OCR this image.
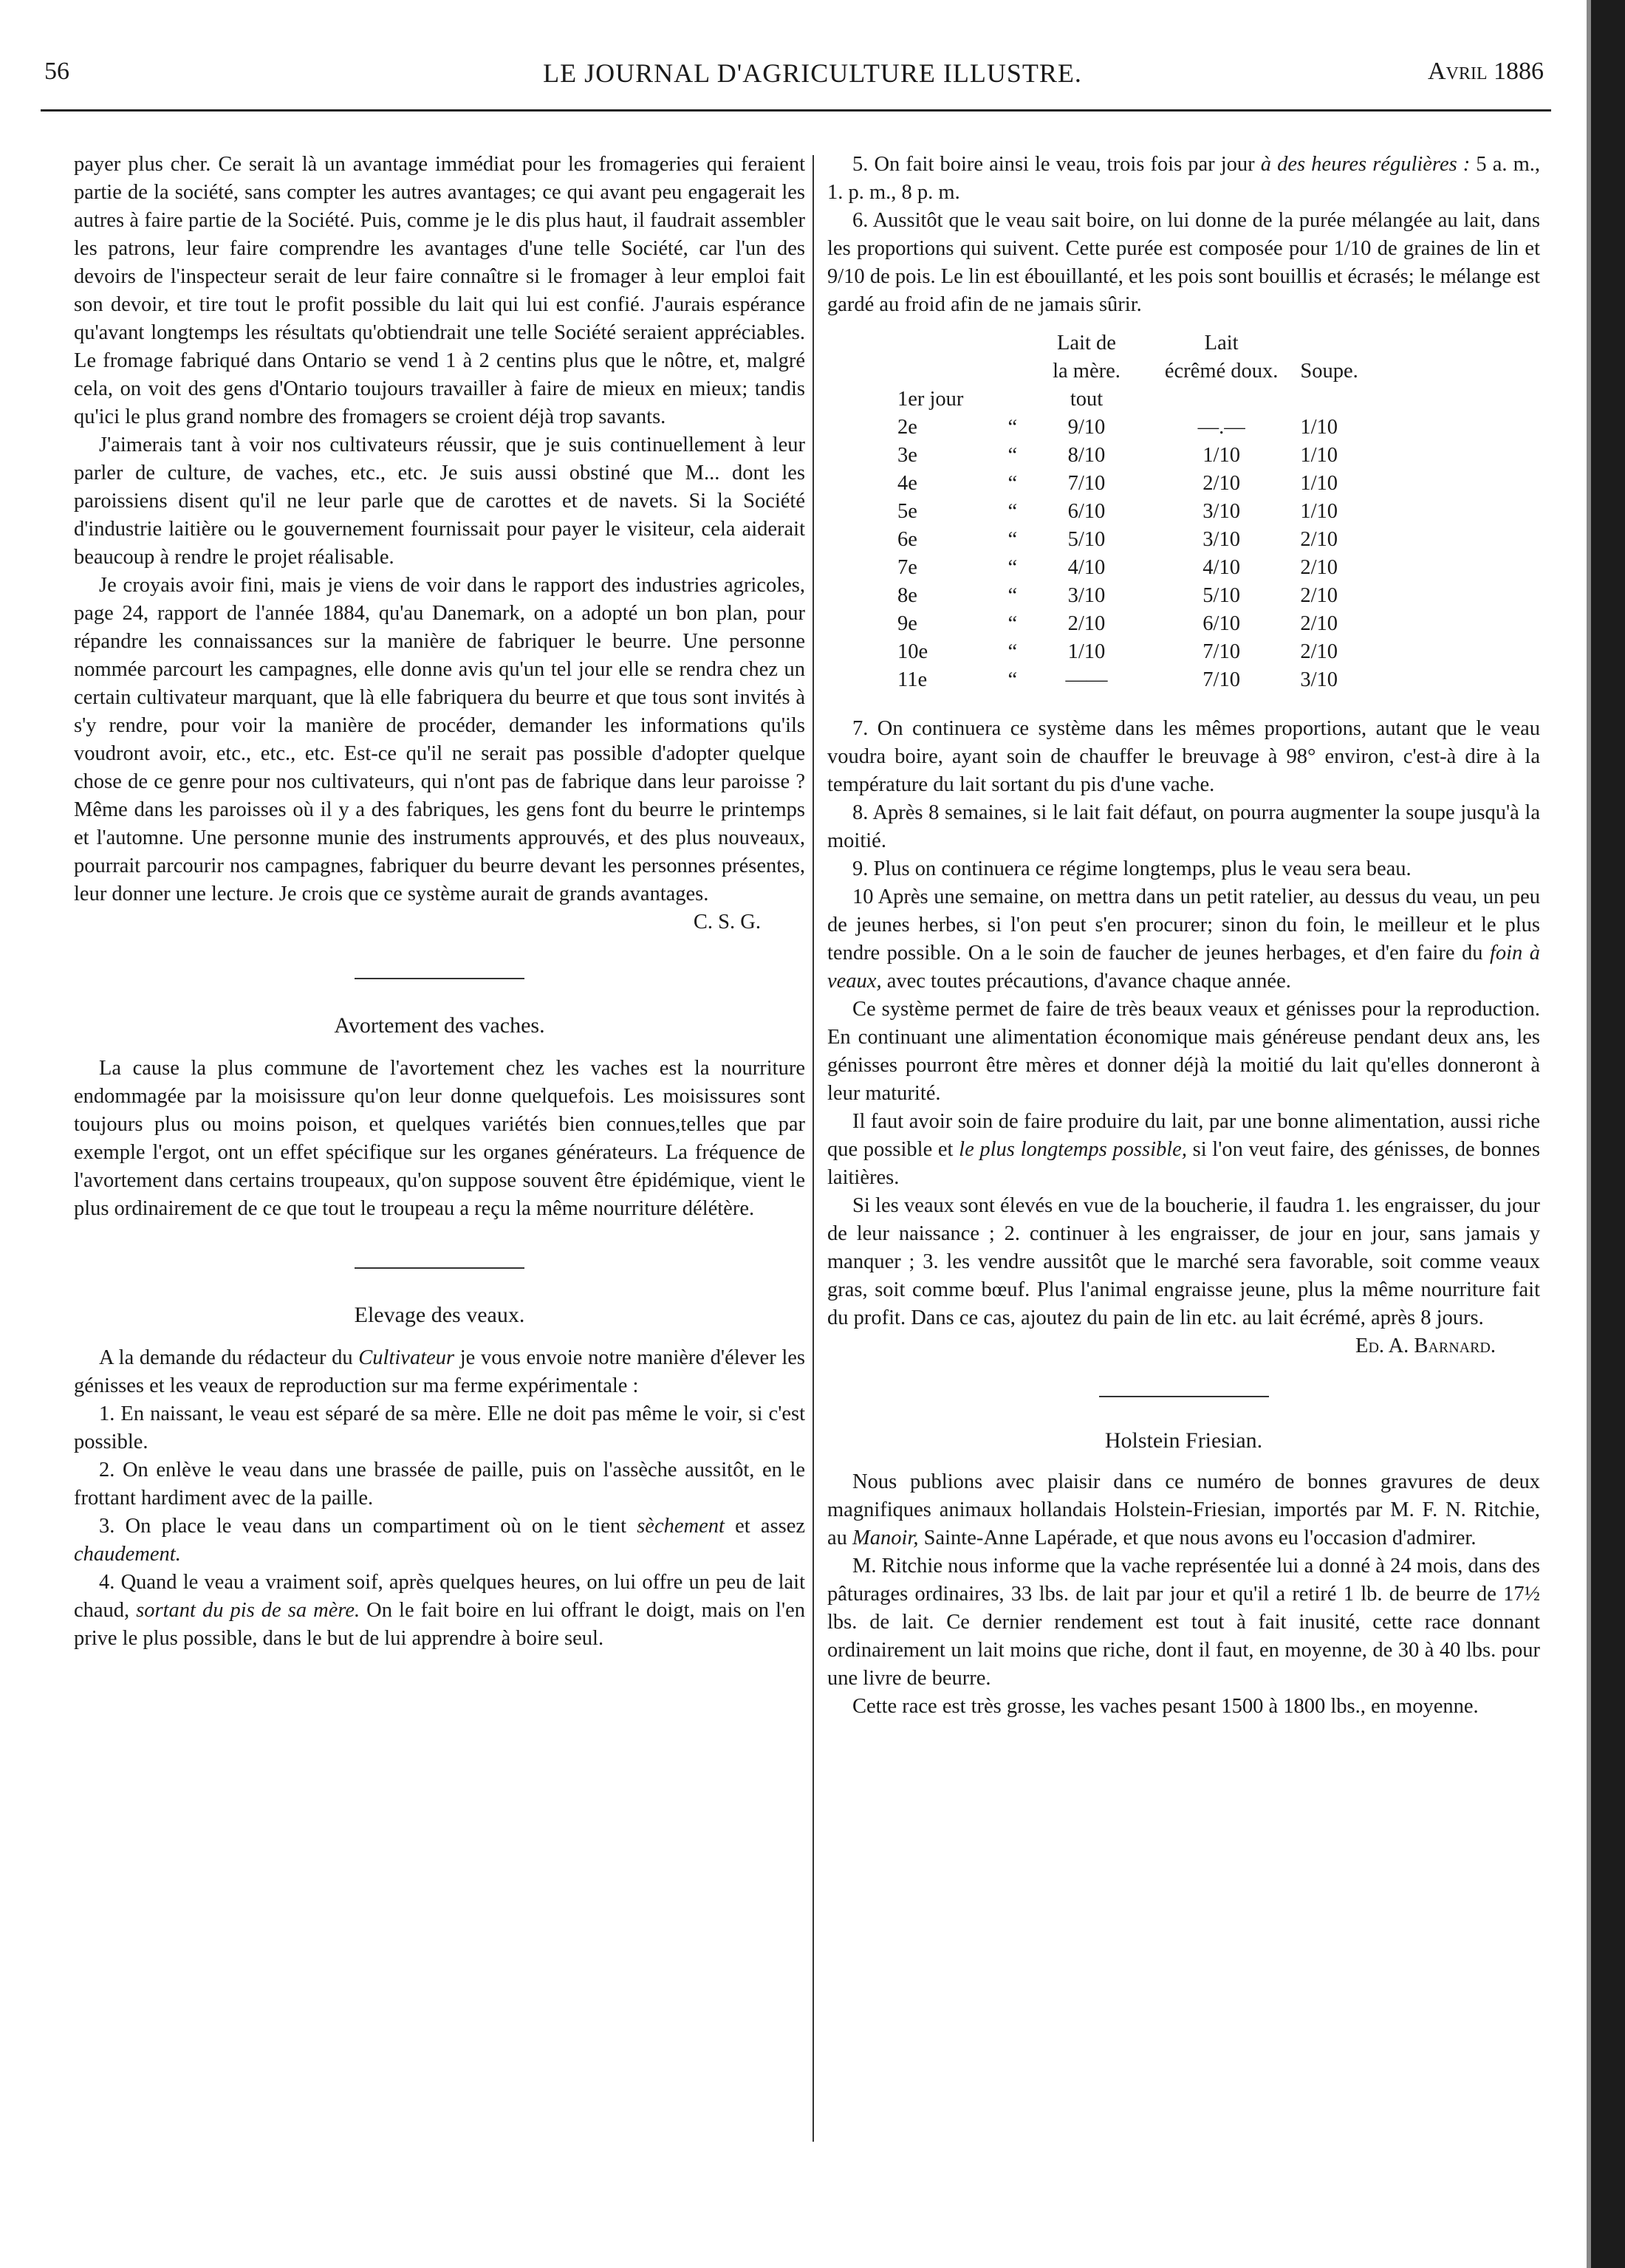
56	LE JOURNAL D'AGRICULTURE ILLUSTRE.	Avril 1886

payer plus cher. Ce serait là un avantage immédiat pour les fromageries qui feraient partie de la société, sans compter les autres avantages; ce qui avant peu engagerait les autres à faire partie de la Société. Puis, comme je le dis plus haut, il faudrait assembler les patrons, leur faire comprendre les avantages d'une telle Société, car l'un des devoirs de l'inspecteur serait de leur faire connaître si le fromager à leur emploi fait son devoir, et tire tout le profit possible du lait qui lui est confié. J'aurais espérance qu'avant longtemps les résultats qu'obtiendrait une telle Société seraient appréciables. Le fromage fabriqué dans Ontario se vend 1 à 2 centins plus que le nôtre, et, malgré cela, on voit des gens d'Ontario toujours travailler à faire de mieux en mieux; tandis qu'ici le plus grand nombre des fromagers se croient déjà trop savants.

J'aimerais tant à voir nos cultivateurs réussir, que je suis continuellement à leur parler de culture, de vaches, etc., etc. Je suis aussi obstiné que M... dont les paroissiens disent qu'il ne leur parle que de carottes et de navets. Si la Société d'industrie laitière ou le gouvernement fournissait pour payer le visiteur, cela aiderait beaucoup à rendre le projet réalisable.

Je croyais avoir fini, mais je viens de voir dans le rapport des industries agricoles, page 24, rapport de l'année 1884, qu'au Danemark, on a adopté un bon plan, pour répandre les connaissances sur la manière de fabriquer le beurre. Une personne nommée parcourt les campagnes, elle donne avis qu'un tel jour elle se rendra chez un certain cultivateur marquant, que là elle fabriquera du beurre et que tous sont invités à s'y rendre, pour voir la manière de procéder, demander les informations qu'ils voudront avoir, etc., etc., etc. Est-ce qu'il ne serait pas possible d'adopter quelque chose de ce genre pour nos cultivateurs, qui n'ont pas de fabrique dans leur paroisse ? Même dans les paroisses où il y a des fabriques, les gens font du beurre le printemps et l'automne. Une personne munie des instruments approuvés, et des plus nouveaux, pourrait parcourir nos campagnes, fabriquer du beurre devant les personnes présentes, leur donner une lecture. Je crois que ce système aurait de grands avantages.

C. S. G.

Avortement des vaches.

La cause la plus commune de l'avortement chez les vaches est la nourriture endommagée par la moisissure qu'on leur donne quelquefois. Les moisissures sont toujours plus ou moins poison, et quelques variétés bien connues,telles que par exemple l'ergot, ont un effet spécifique sur les organes générateurs. La fréquence de l'avortement dans certains troupeaux, qu'on suppose souvent être épidémique, vient le plus ordinairement de ce que tout le troupeau a reçu la même nourriture délétère.

Elevage des veaux.

A la demande du rédacteur du Cultivateur je vous envoie notre manière d'élever les génisses et les veaux de reproduction sur ma ferme expérimentale :

1. En naissant, le veau est séparé de sa mère. Elle ne doit pas même le voir, si c'est possible.

2. On enlève le veau dans une brassée de paille, puis on l'assèche aussitôt, en le frottant hardiment avec de la paille.

3. On place le veau dans un compartiment où on le tient sèchement et assez chaudement.

4. Quand le veau a vraiment soif, après quelques heures, on lui offre un peu de lait chaud, sortant du pis de sa mère. On le fait boire en lui offrant le doigt, mais on l'en prive le plus possible, dans le but de lui apprendre à boire seul.

5. On fait boire ainsi le veau, trois fois par jour à des heures régulières : 5 a. m., 1. p. m., 8 p. m.

6. Aussitôt que le veau sait boire, on lui donne de la purée mélangée au lait, dans les proportions qui suivent. Cette purée est composée pour 1/10 de graines de lin et 9/10 de pois. Le lin est ébouillanté, et les pois sont bouillis et écrasés; le mélange est gardé au froid afin de ne jamais sûrir.

		Lait de	Lait	
		la mère.	écrêmé doux.	Soupe.
1er jour		tout		
2e	“	9/10	—.—	1/10
3e	“	8/10	1/10	1/10
4e	“	7/10	2/10	1/10
5e	“	6/10	3/10	1/10
6e	“	5/10	3/10	2/10
7e	“	4/10	4/10	2/10
8e	“	3/10	5/10	2/10
9e	“	2/10	6/10	2/10
10e	“	1/10	7/10	2/10
11e	“	——	7/10	3/10

7. On continuera ce système dans les mêmes proportions, autant que le veau voudra boire, ayant soin de chauffer le breuvage à 98° environ, c'est-à dire à la température du lait sortant du pis d'une vache.

8. Après 8 semaines, si le lait fait défaut, on pourra augmenter la soupe jusqu'à la moitié.

9. Plus on continuera ce régime longtemps, plus le veau sera beau.

10 Après une semaine, on mettra dans un petit ratelier, au dessus du veau, un peu de jeunes herbes, si l'on peut s'en procurer; sinon du foin, le meilleur et le plus tendre possible. On a le soin de faucher de jeunes herbages, et d'en faire du foin à veaux, avec toutes précautions, d'avance chaque année.

Ce système permet de faire de très beaux veaux et génisses pour la reproduction. En continuant une alimentation économique mais généreuse pendant deux ans, les génisses pourront être mères et donner déjà la moitié du lait qu'elles donneront à leur maturité.

Il faut avoir soin de faire produire du lait, par une bonne alimentation, aussi riche que possible et le plus longtemps possible, si l'on veut faire, des génisses, de bonnes laitières.

Si les veaux sont élevés en vue de la boucherie, il faudra 1. les engraisser, du jour de leur naissance ; 2. continuer à les engraisser, de jour en jour, sans jamais y manquer ; 3. les vendre aussitôt que le marché sera favorable, soit comme veaux gras, soit comme bœuf. Plus l'animal engraisse jeune, plus la même nourriture fait du profit. Dans ce cas, ajoutez du pain de lin etc. au lait écrémé, après 8 jours.

Ed. A. Barnard.

Holstein Friesian.

Nous publions avec plaisir dans ce numéro de bonnes gravures de deux magnifiques animaux hollandais Holstein-Friesian, importés par M. F. N. Ritchie, au Manoir, Sainte-Anne Lapérade, et que nous avons eu l'occasion d'admirer.

M. Ritchie nous informe que la vache représentée lui a donné à 24 mois, dans des pâturages ordinaires, 33 lbs. de lait par jour et qu'il a retiré 1 lb. de beurre de 17½ lbs. de lait. Ce dernier rendement est tout à fait inusité, cette race donnant ordinairement un lait moins que riche, dont il faut, en moyenne, de 30 à 40 lbs. pour une livre de beurre.

Cette race est très grosse, les vaches pesant 1500 à 1800 lbs., en moyenne.
